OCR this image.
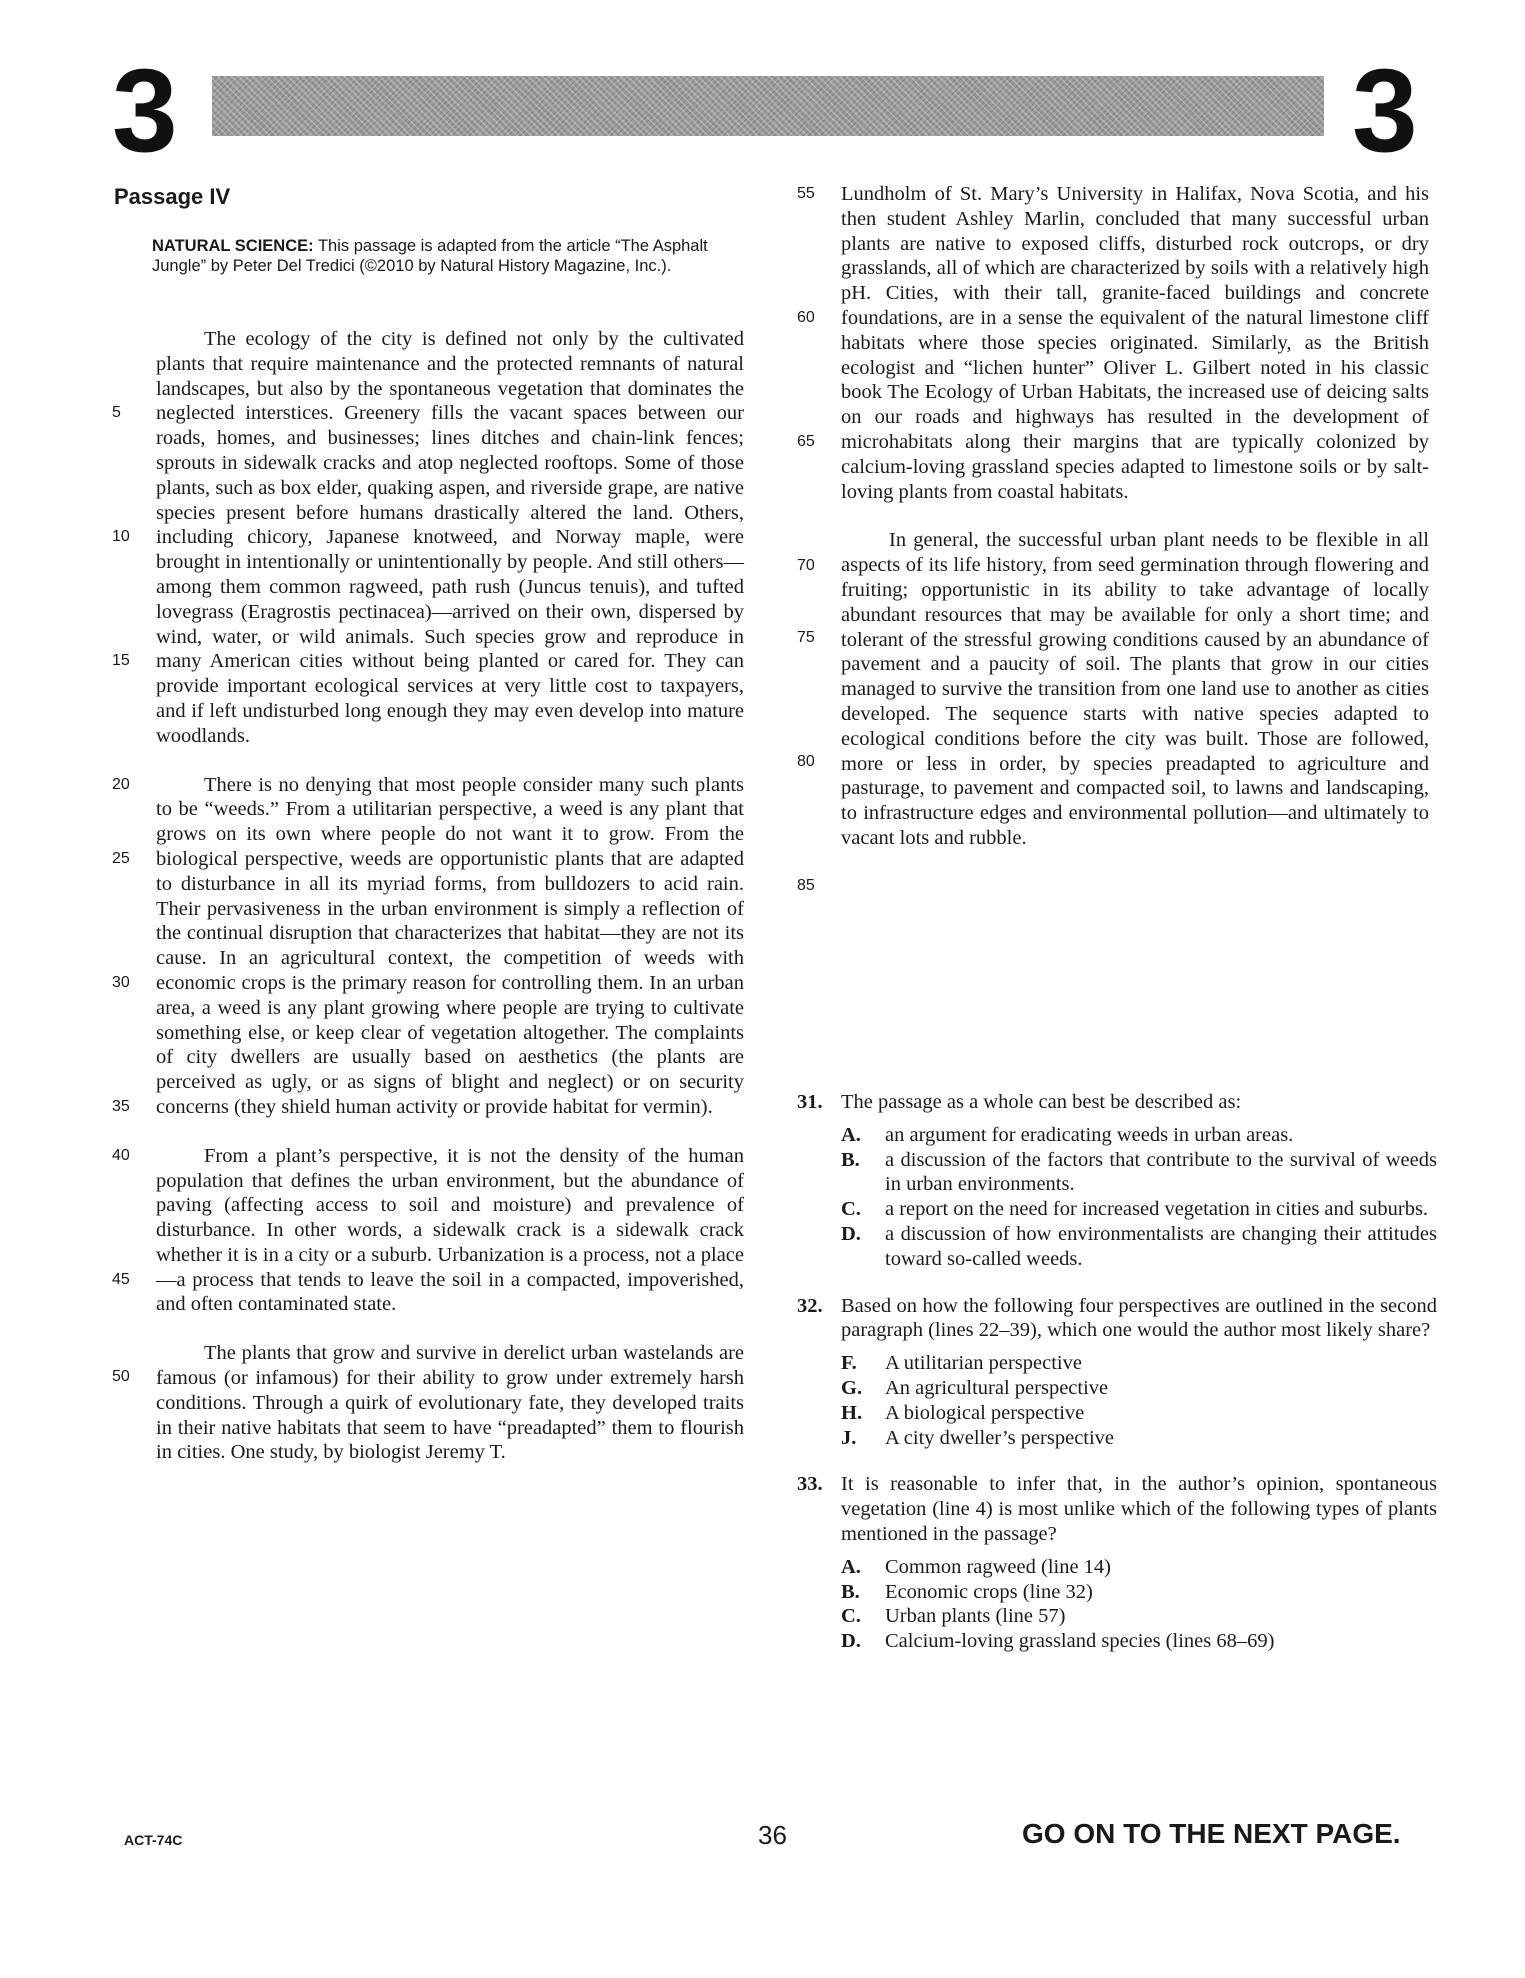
3	3
Passage IV
NATURAL SCIENCE: This passage is adapted from the article “The Asphalt Jungle” by Peter Del Tredici (©2010 by Natural History Magazine, Inc.).
5
10
15
20

The ecology of the city is defined not only by the cultivated plants that require maintenance and the protected remnants of natural landscapes, but also by the spontaneous vegetation that dominates the neglected interstices. Greenery fills the vacant spaces between our roads, homes, and businesses; lines ditches and chain-link fences; sprouts in sidewalk cracks and atop neglected rooftops. Some of those plants, such as box elder, quaking aspen, and riverside grape, are native species present before humans drastically altered the land. Others, including chicory, Japanese knotweed, and Norway maple, were brought in intentionally or unintentionally by people. And still others—among them common ragweed, path rush (Juncus tenuis), and tufted lovegrass (Eragrostis pectinacea)—arrived on their own, dispersed by wind, water, or wild animals. Such species grow and reproduce in many American cities without being planted or cared for. They can provide important ecological services at very little cost to taxpayers, and if left undisturbed long enough they may even develop into mature woodlands.

25
30
35

There is no denying that most people consider many such plants to be “weeds.” From a utilitarian perspective, a weed is any plant that grows on its own where people do not want it to grow. From the biological perspective, weeds are opportunistic plants that are adapted to disturbance in all its myriad forms, from bulldozers to acid rain. Their pervasiveness in the urban environment is simply a reflection of the continual disruption that characterizes that habitat—they are not its cause. In an agricultural context, the competition of weeds with economic crops is the primary reason for controlling them. In an urban area, a weed is any plant growing where people are trying to cultivate something else, or keep clear of vegetation altogether. The complaints of city dwellers are usually based on aesthetics (the plants are perceived as ugly, or as signs of blight and neglect) or on security concerns (they shield human activity or provide habitat for vermin).

40
45

From a plant’s perspective, it is not the density of the human population that defines the urban environment, but the abundance of paving (affecting access to soil and moisture) and prevalence of disturbance. In other words, a sidewalk crack is a sidewalk crack whether it is in a city or a suburb. Urbanization is a process, not a place—a process that tends to leave the soil in a compacted, impoverished, and often contaminated state.

50

The plants that grow and survive in derelict urban wastelands are famous (or infamous) for their ability to grow under extremely harsh conditions. Through a quirk of evolutionary fate, they developed traits in their native habitats that seem to have “preadapted” them to flourish in cities. One study, by biologist Jeremy T.

55
60
65
70

Lundholm of St. Mary’s University in Halifax, Nova Scotia, and his then student Ashley Marlin, concluded that many successful urban plants are native to exposed cliffs, disturbed rock outcrops, or dry grasslands, all of which are characterized by soils with a relatively high pH. Cities, with their tall, granite-faced buildings and concrete foundations, are in a sense the equivalent of the natural limestone cliff habitats where those species originated. Similarly, as the British ecologist and “lichen hunter” Oliver L. Gilbert noted in his classic book The Ecology of Urban Habitats, the increased use of deicing salts on our roads and highways has resulted in the development of microhabitats along their margins that are typically colonized by calcium-loving grassland species adapted to limestone soils or by salt-loving plants from coastal habitats.

75
80
85

In general, the successful urban plant needs to be flexible in all aspects of its life history, from seed germination through flowering and fruiting; opportunistic in its ability to take advantage of locally abundant resources that may be available for only a short time; and tolerant of the stressful growing conditions caused by an abundance of pavement and a paucity of soil. The plants that grow in our cities managed to survive the transition from one land use to another as cities developed. The sequence starts with native species adapted to ecological conditions before the city was built. Those are followed, more or less in order, by species preadapted to agriculture and pasturage, to pavement and compacted soil, to lawns and landscaping, to infrastructure edges and environmental pollution—and ultimately to vacant lots and rubble.

31. The passage as a whole can best be described as:
A. an argument for eradicating weeds in urban areas.
B. a discussion of the factors that contribute to the survival of weeds in urban environments.
C. a report on the need for increased vegetation in cities and suburbs.
D. a discussion of how environmentalists are changing their attitudes toward so-called weeds.
32. Based on how the following four perspectives are outlined in the second paragraph (lines 22–39), which one would the author most likely share?
F. A utilitarian perspective
G. An agricultural perspective
H. A biological perspective
J. A city dweller’s perspective
33. It is reasonable to infer that, in the author’s opinion, spontaneous vegetation (line 4) is most unlike which of the following types of plants mentioned in the passage?
A. Common ragweed (line 14)
B. Economic crops (line 32)
C. Urban plants (line 57)
D. Calcium-loving grassland species (lines 68–69)
ACT-74C	36	GO ON TO THE NEXT PAGE.
